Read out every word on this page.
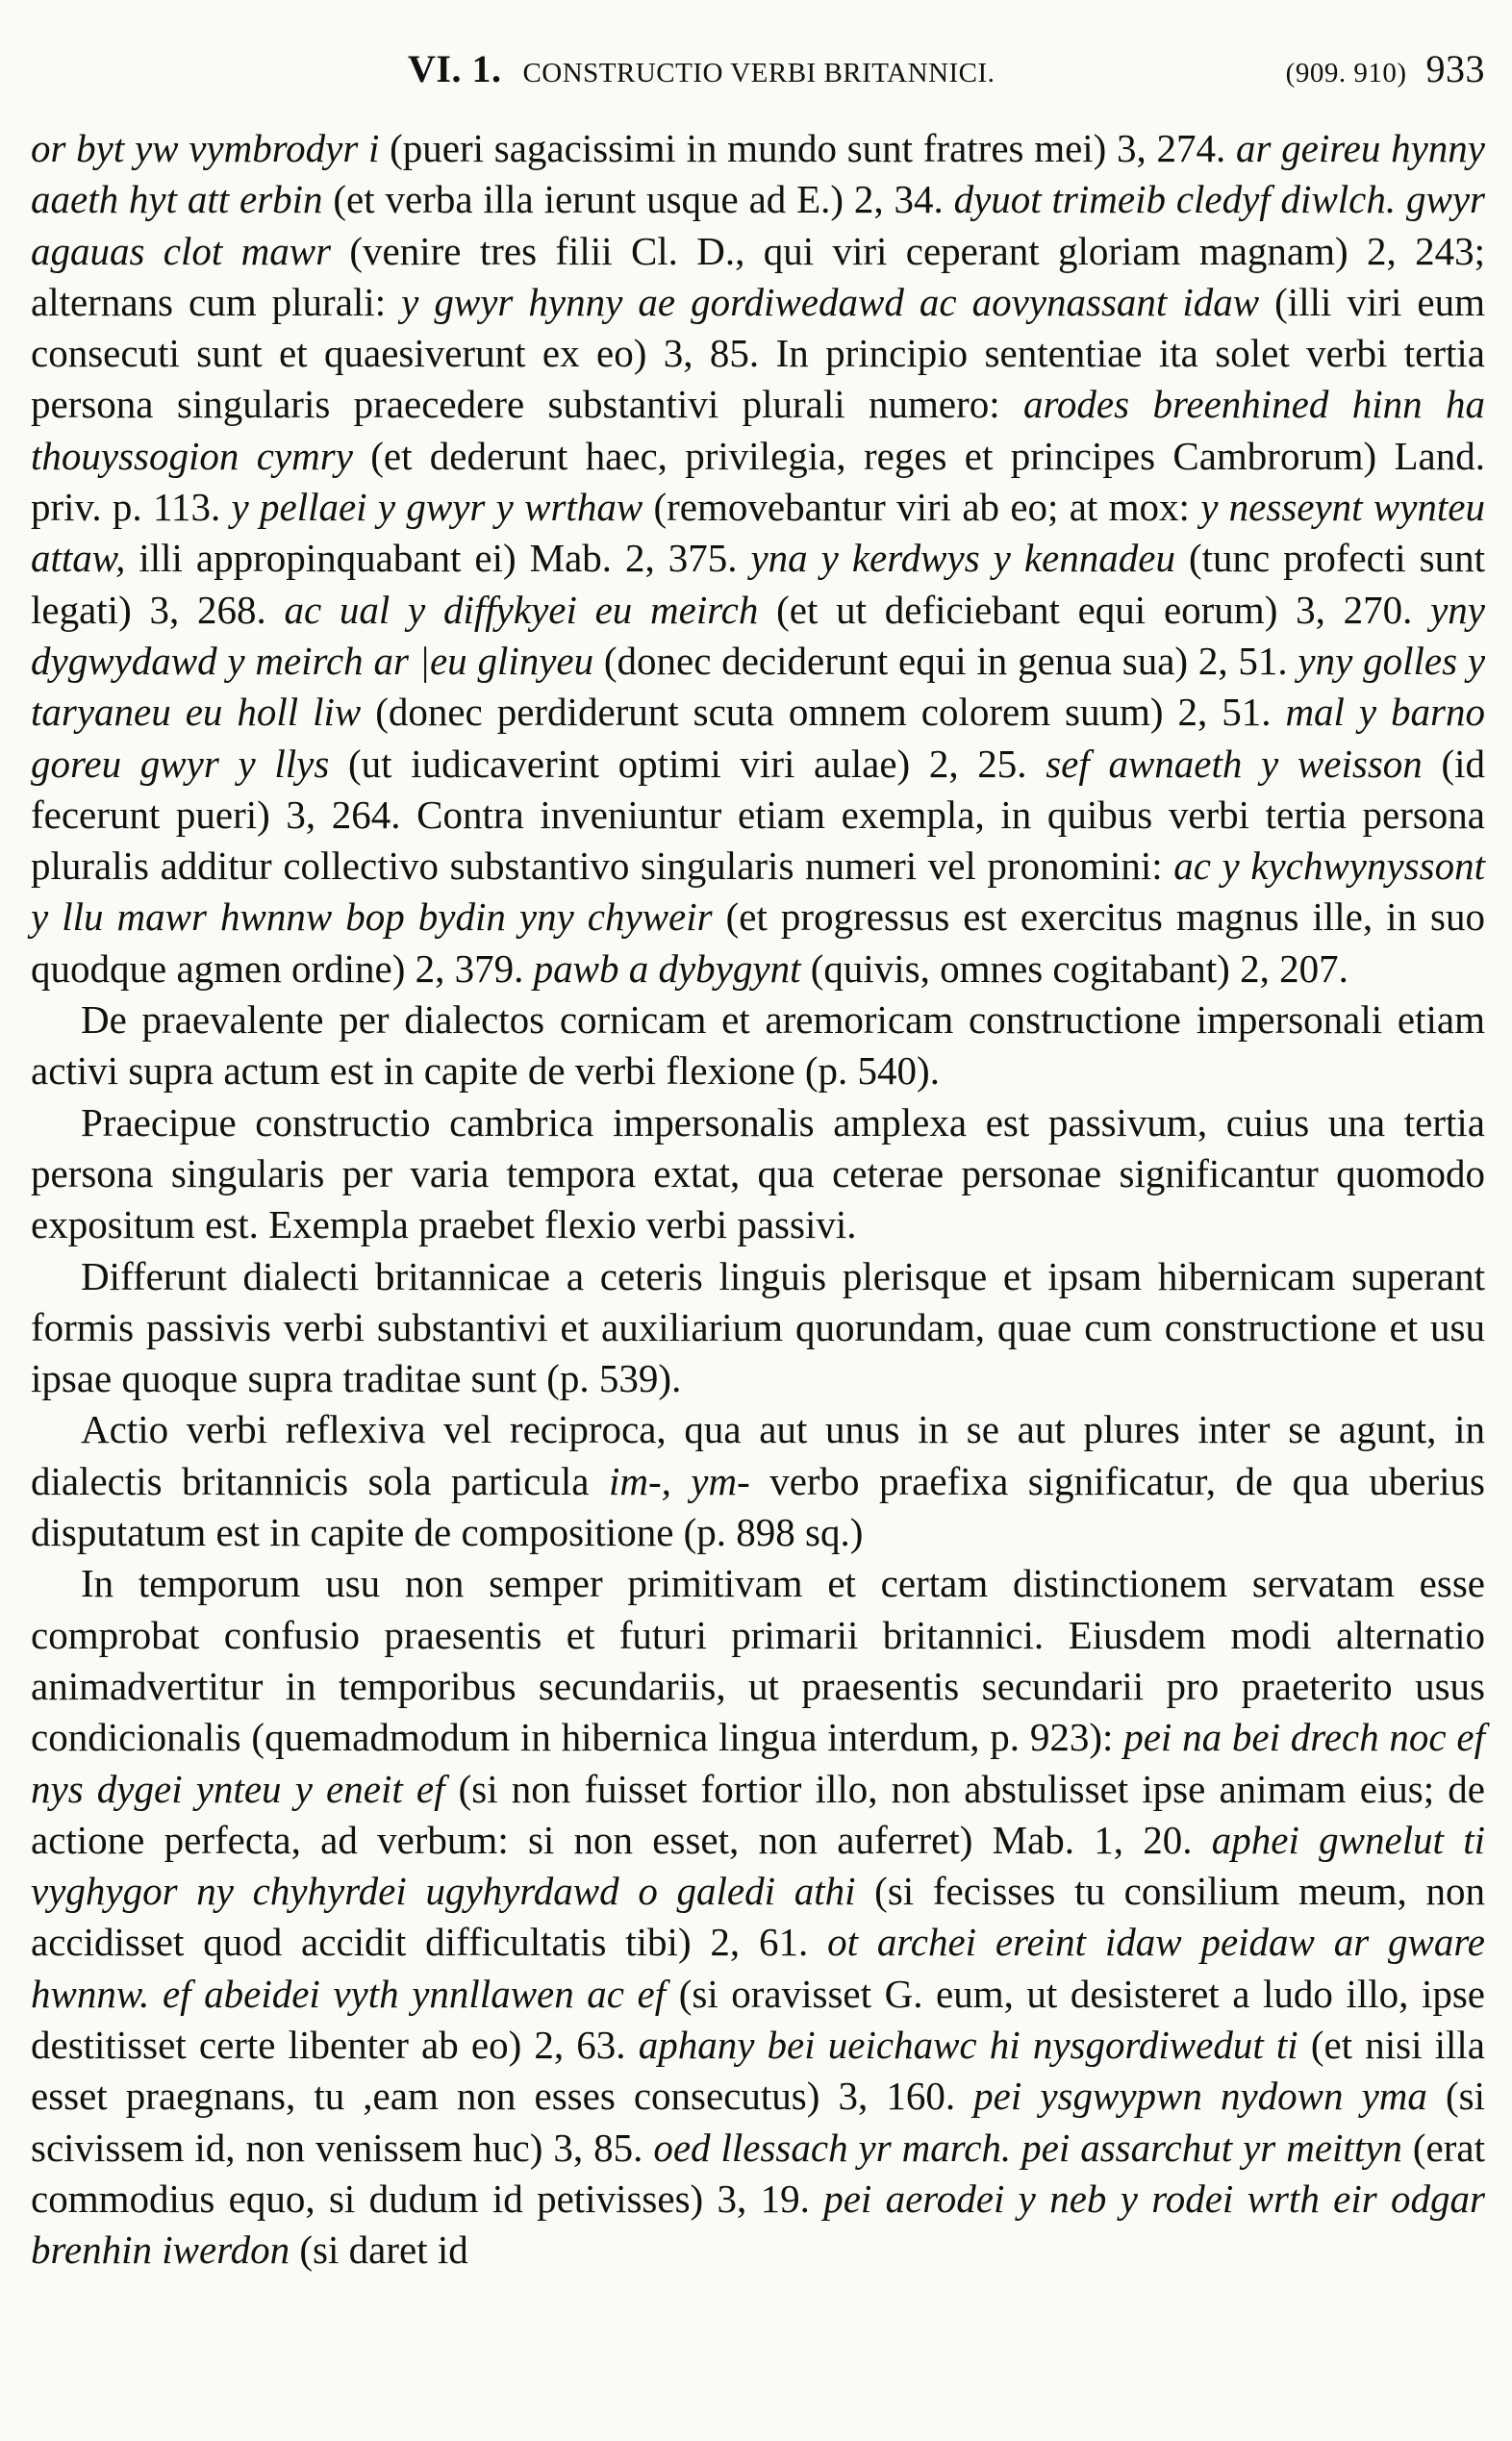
VI. 1. CONSTRUCTIO VERBI BRITANNICI.	(909. 910) 933

or byt yw vymbrodyr i (pueri sagacissimi in mundo sunt fratres mei) 3, 274. ar geireu hynny aaeth hyt att erbin (et verba illa ierunt usque ad E.) 2, 34. dyuot trimeib cledyf diwlch. gwyr agauas clot mawr (venire tres filii Cl. D., qui viri ceperant gloriam magnam) 2, 243; alternans cum plurali: y gwyr hynny ae gordiwedawd ac aovynassant idaw (illi viri eum consecuti sunt et quaesiverunt ex eo) 3, 85. In principio sententiae ita solet verbi tertia persona singularis praecedere substantivi plurali numero: arodes breenhined hinn ha thouyssogion cymry (et dederunt haec, privilegia, reges et principes Cambrorum) Land. priv. p. 113. y pellaei y gwyr y wrthaw (removebantur viri ab eo; at mox: y nesseynt wynteu attaw, illi appropinquabant ei) Mab. 2, 375. yna y kerdwys y kennadeu (tunc profecti sunt legati) 3, 268. ac ual y diffykyei eu meirch (et ut deficiebant equi eorum) 3, 270. yny dygwydawd y meirch ar |eu glinyeu (donec deciderunt equi in genua sua) 2, 51. yny golles y taryaneu eu holl liw (donec perdiderunt scuta omnem colorem suum) 2, 51. mal y barno goreu gwyr y llys (ut iudicaverint optimi viri aulae) 2, 25. sef awnaeth y weisson (id fecerunt pueri) 3, 264. Contra inveniuntur etiam exempla, in quibus verbi tertia persona pluralis additur collectivo substantivo singularis numeri vel pronomini: ac y kychwynyssont y llu mawr hwnnw bop bydin yny chyweir (et progressus est exercitus magnus ille, in suo quodque agmen ordine) 2, 379. pawb a dybygynt (quivis, omnes cogitabant) 2, 207.

De praevalente per dialectos cornicam et aremoricam constructione impersonali etiam activi supra actum est in capite de verbi flexione (p. 540).

Praecipue constructio cambrica impersonalis amplexa est passivum, cuius una tertia persona singularis per varia tempora extat, qua ceterae personae significantur quomodo expositum est. Exempla praebet flexio verbi passivi.

Differunt dialecti britannicae a ceteris linguis plerisque et ipsam hibernicam superant formis passivis verbi substantivi et auxiliarium quorundam, quae cum constructione et usu ipsae quoque supra traditae sunt (p. 539).

Actio verbi reflexiva vel reciproca, qua aut unus in se aut plures inter se agunt, in dialectis britannicis sola particula im-, ym- verbo praefixa significatur, de qua uberius disputatum est in capite de compositione (p. 898 sq.)

In temporum usu non semper primitivam et certam distinctionem servatam esse comprobat confusio praesentis et futuri primarii britannici. Eiusdem modi alternatio animadvertitur in temporibus secundariis, ut praesentis secundarii pro praeterito usus condicionalis (quemadmodum in hibernica lingua interdum, p. 923): pei na bei drech noc ef nys dygei ynteu y eneit ef (si non fuisset fortior illo, non abstulisset ipse animam eius; de actione perfecta, ad verbum: si non esset, non auferret) Mab. 1, 20. aphei gwnelut ti vyghygor ny chyhyrdei ugyhyrdawd o galedi athi (si fecisses tu consilium meum, non accidisset quod accidit difficultatis tibi) 2, 61. ot archei ereint idaw peidaw ar gware hwnnw. ef abeidei vyth ynnllawen ac ef (si oravisset G. eum, ut desisteret a ludo illo, ipse destitisset certe libenter ab eo) 2, 63. aphany bei ueichawc hi nysgordiwedut ti (et nisi illa esset praegnans, tu ,eam non esses consecutus) 3, 160. pei ysgwypwn nydown yma (si scivissem id, non venissem huc) 3, 85. oed llessach yr march. pei assarchut yr meittyn (erat commodius equo, si dudum id petivisses) 3, 19. pei aerodei y neb y rodei wrth eir odgar brenhin iwerdon (si daret id
